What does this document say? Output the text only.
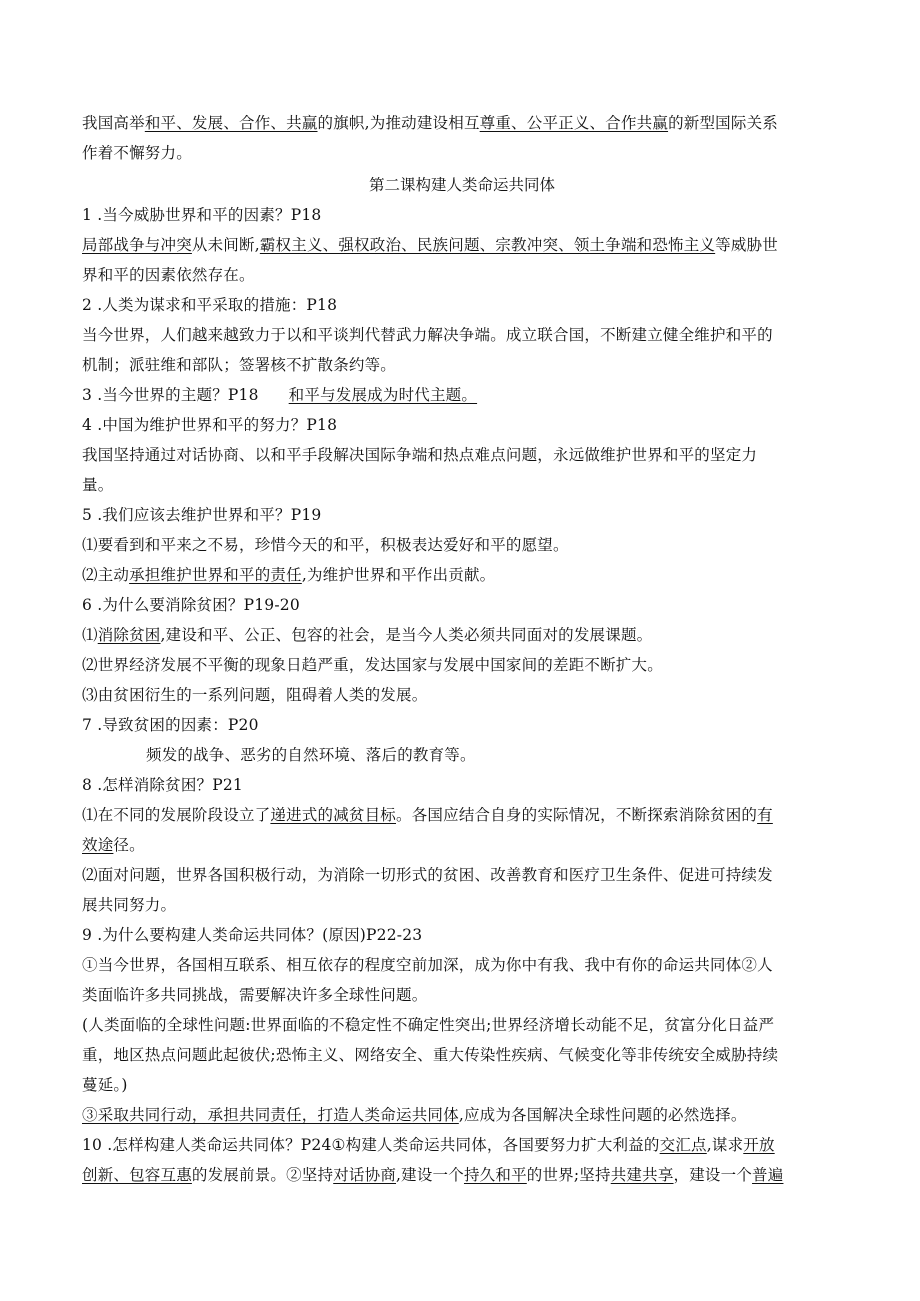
我国高举和平、发展、合作、共赢的旗帜,为推动建设相互尊重、公平正义、合作共赢的新型国际关系
作着不懈努力。
第二课构建人类命运共同体
1 .当今威胁世界和平的因素？P18
局部战争与冲突从未间断,霸权主义、强权政治、民族问题、宗教冲突、领土争端和恐怖主义等威胁世
界和平的因素依然存在。
2 .人类为谋求和平采取的措施：P18
当今世界，人们越来越致力于以和平谈判代替武力解决争端。成立联合国，不断建立健全维护和平的
机制；派驻维和部队；签署核不扩散条约等。
3 .当今世界的主题？P18 和平与发展成为时代主题。
4 .中国为维护世界和平的努力？P18
我国坚持通过对话协商、以和平手段解决国际争端和热点难点问题，永远做维护世界和平的坚定力
量。
5 .我们应该去维护世界和平？P19
⑴要看到和平来之不易，珍惜今天的和平，积极表达爱好和平的愿望。
⑵主动承担维护世界和平的责任,为维护世界和平作出贡献。
6 .为什么要消除贫困？P19-20
⑴消除贫困,建设和平、公正、包容的社会，是当今人类必须共同面对的发展课题。
⑵世界经济发展不平衡的现象日趋严重，发达国家与发展中国家间的差距不断扩大。
⑶由贫困衍生的一系列问题，阻碍着人类的发展。
7 .导致贫困的因素：P20
频发的战争、恶劣的自然环境、落后的教育等。
8 .怎样消除贫困？P21
⑴在不同的发展阶段设立了递进式的减贫目标。各国应结合自身的实际情况，不断探索消除贫困的有
效途径。
⑵面对问题，世界各国积极行动，为消除一切形式的贫困、改善教育和医疗卫生条件、促进可持续发
展共同努力。
9 .为什么要构建人类命运共同体？(原因)P22-23
①当今世界，各国相互联系、相互依存的程度空前加深，成为你中有我、我中有你的命运共同体②人
类面临许多共同挑战，需要解决许多全球性问题。
(人类面临的全球性问题:世界面临的不稳定性不确定性突出;世界经济增长动能不足，贫富分化日益严
重，地区热点问题此起彼伏;恐怖主义、网络安全、重大传染性疾病、气候变化等非传统安全威胁持续
蔓延。)
③采取共同行动，承担共同责任，打造人类命运共同体,应成为各国解决全球性问题的必然选择。
10 .怎样构建人类命运共同体？P24①构建人类命运共同体，各国要努力扩大利益的交汇点,谋求开放
创新、包容互惠的发展前景。②坚持对话协商,建设一个持久和平的世界;坚持共建共享，建设一个普遍
